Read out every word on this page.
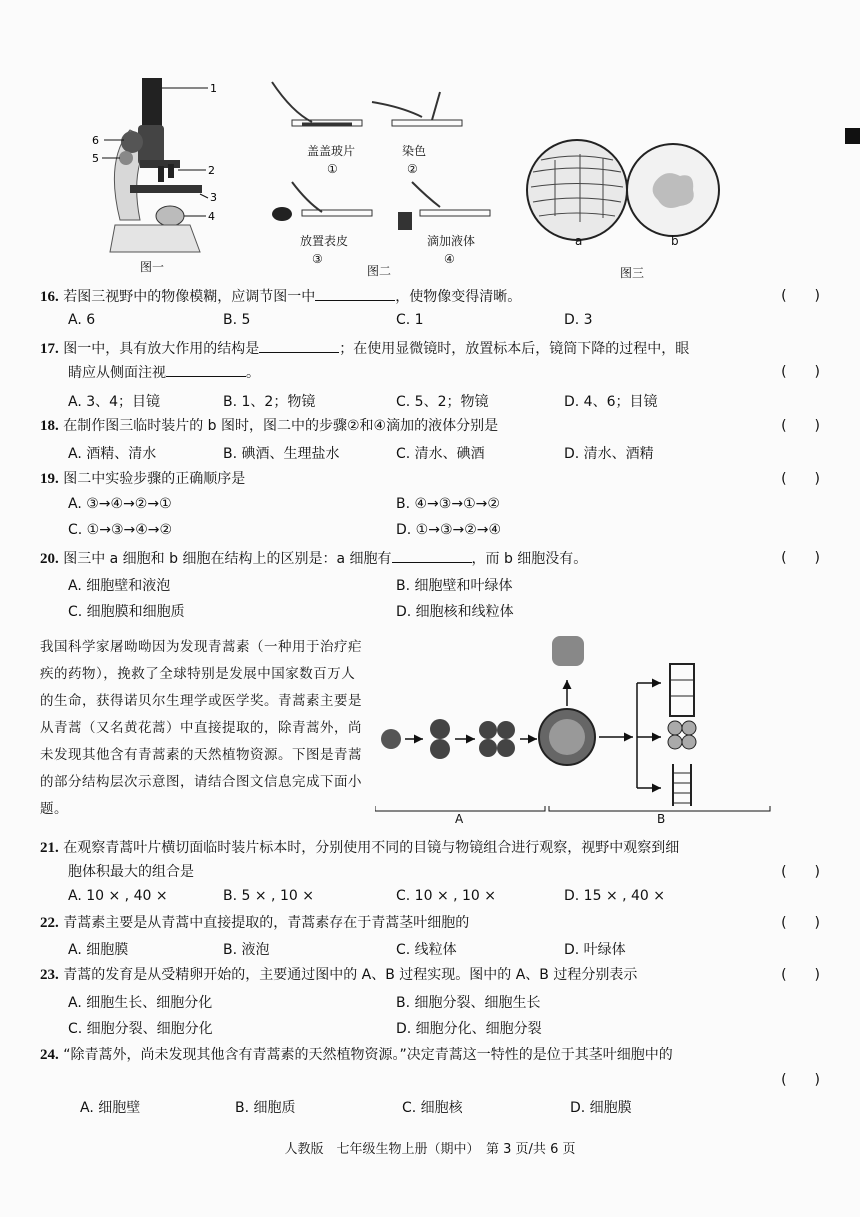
1
6
5
2
3
4
图一
盖盖玻片
①
染色
②
放置表皮
③
滴加液体
④
图二
a	b
图三
16. 若图三视野中的物像模糊，应调节图一中	，使物像变得清晰。	(　　)
A. 6	B. 5	C. 1	D. 3
17. 图一中，具有放大作用的结构是	；在使用显微镜时，放置标本后，镜筒下降的过程中，眼
睛应从侧面注视	。	(　　)
A. 3、4；目镜	B. 1、2；物镜	C. 5、2；物镜	D. 4、6；目镜
18. 在制作图三临时装片的 b 图时，图二中的步骤②和④滴加的液体分别是	(　　)
A. 酒精、清水	B. 碘酒、生理盐水	C. 清水、碘酒	D. 清水、酒精
19. 图二中实验步骤的正确顺序是	(　　)
A. ③→④→②→①	B. ④→③→①→②
C. ①→③→④→②	D. ①→③→②→④
20. 图三中 a 细胞和 b 细胞在结构上的区别是：a 细胞有	，而 b 细胞没有。	(　　)
A. 细胞壁和液泡	B. 细胞壁和叶绿体
C. 细胞膜和细胞质	D. 细胞核和线粒体
我国科学家屠呦呦因为发现青蒿素（一种用于治疗疟疾的药物），挽救了全球特别是发展中国家数百万人的生命，获得诺贝尔生理学或医学奖。青蒿素主要是从青蒿（又名黄花蒿）中直接提取的，除青蒿外，尚未发现其他含有青蒿素的天然植物资源。下图是青蒿的部分结构层次示意图，请结合图文信息完成下面小题。
A	B
21. 在观察青蒿叶片横切面临时装片标本时，分别使用不同的目镜与物镜组合进行观察，视野中观察到细
胞体积最大的组合是	(　　)
A. 10 × , 40 ×	B. 5 × , 10 ×	C. 10 × , 10 ×	D. 15 × , 40 ×
22. 青蒿素主要是从青蒿中直接提取的，青蒿素存在于青蒿茎叶细胞的	(　　)
A. 细胞膜	B. 液泡	C. 线粒体	D. 叶绿体
23. 青蒿的发育是从受精卵开始的，主要通过图中的 A、B 过程实现。图中的 A、B 过程分别表示	(　　)
A. 细胞生长、细胞分化	B. 细胞分裂、细胞生长
C. 细胞分裂、细胞分化	D. 细胞分化、细胞分裂
24. “除青蒿外，尚未发现其他含有青蒿素的天然植物资源。”决定青蒿这一特性的是位于其茎叶细胞中的
(　　)
A. 细胞壁	B. 细胞质	C. 细胞核	D. 细胞膜
人教版　七年级生物上册（期中）　第 3 页/共 6 页
